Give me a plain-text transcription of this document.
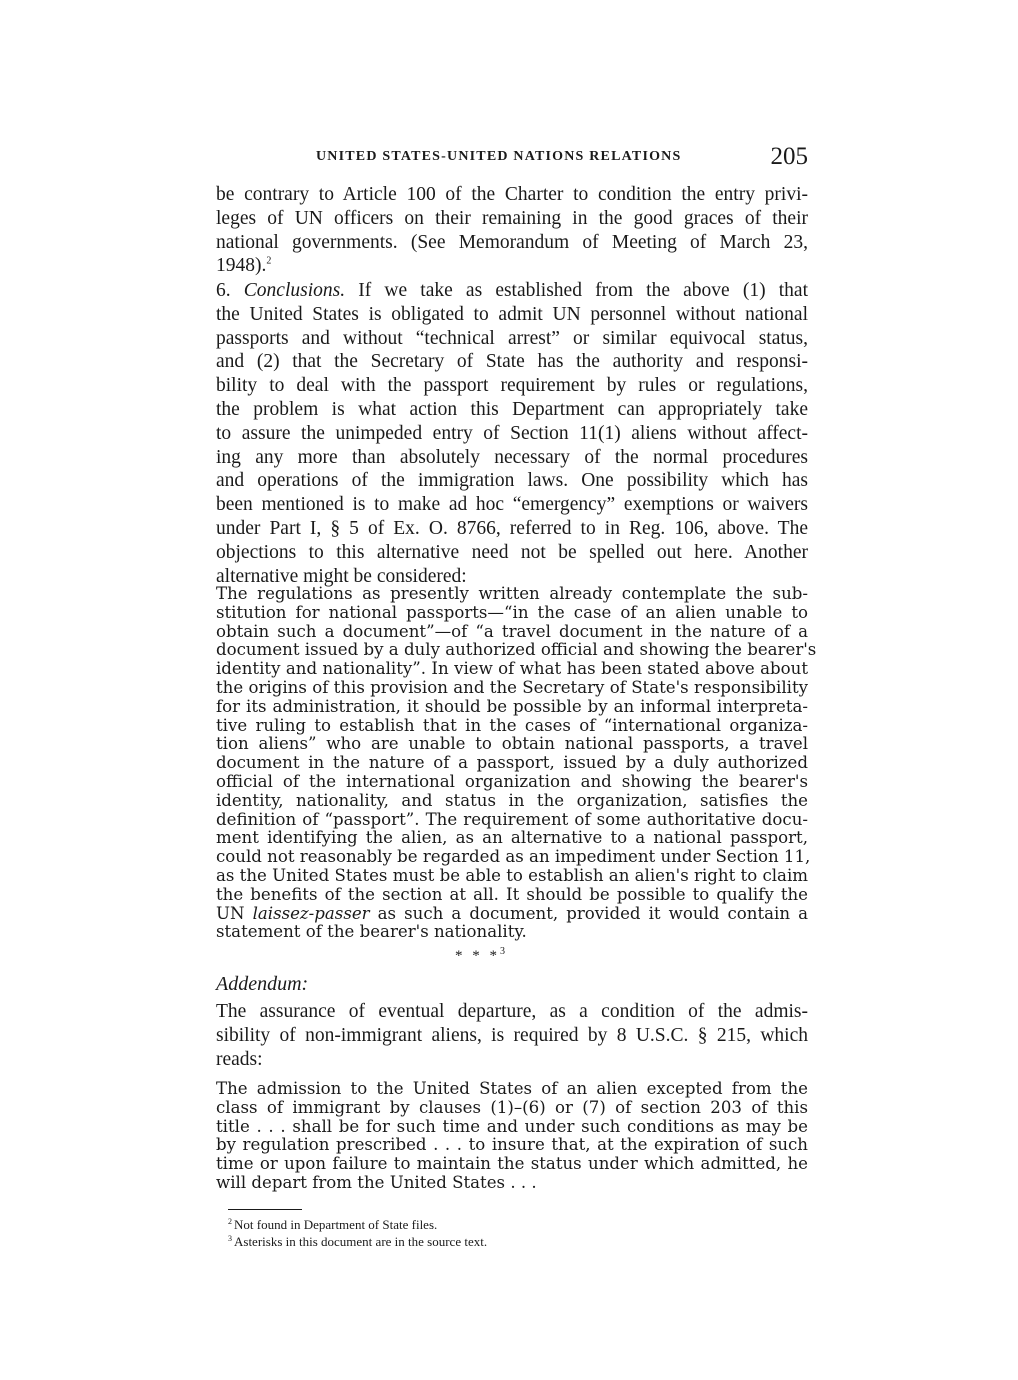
UNITED STATES-UNITED NATIONS RELATIONS	205
be contrary to Article 100 of the Charter to condition the entry privi-
leges of UN officers on their remaining in the good graces of their
national governments. (See Memorandum of Meeting of March 23,
1948).$^2$
6. Conclusions. If we take as established from the above (1) that
the United States is obligated to admit UN personnel without national
passports and without “technical arrest” or similar equivocal status,
and (2) that the Secretary of State has the authority and responsi-
bility to deal with the passport requirement by rules or regulations,
the problem is what action this Department can appropriately take
to assure the unimpeded entry of Section 11(1) aliens without affect-
ing any more than absolutely necessary of the normal procedures
and operations of the immigration laws. One possibility which has
been mentioned is to make ad hoc “emergency” exemptions or waivers
under Part I, § 5 of Ex. O. 8766, referred to in Reg. 106, above. The
objections to this alternative need not be spelled out here. Another
alternative might be considered:
The regulations as presently written already contemplate the sub-
stitution for national passports—“in the case of an alien unable to
obtain such a document”—of “a travel document in the nature of a
document issued by a duly authorized official and showing the bearer's
identity and nationality”. In view of what has been stated above about
the origins of this provision and the Secretary of State's responsibility
for its administration, it should be possible by an informal interpreta-
tive ruling to establish that in the cases of “international organiza-
tion aliens” who are unable to obtain national passports, a travel
document in the nature of a passport, issued by a duly authorized
official of the international organization and showing the bearer's
identity, nationality, and status in the organization, satisfies the
definition of “passport”. The requirement of some authoritative docu-
ment identifying the alien, as an alternative to a national passport,
could not reasonably be regarded as an impediment under Section 11,
as the United States must be able to establish an alien's right to claim
the benefits of the section at all. It should be possible to qualify the
UN laissez-passer as such a document, provided it would contain a
statement of the bearer's nationality.
* * *$^3$
Addendum:
The assurance of eventual departure, as a condition of the admis-
sibility of non-immigrant aliens, is required by 8 U.S.C. § 215, which
reads:
The admission to the United States of an alien excepted from the
class of immigrant by clauses (1)–(6) or (7) of section 203 of this
title . . . shall be for such time and under such conditions as may be
by regulation prescribed . . . to insure that, at the expiration of such
time or upon failure to maintain the status under which admitted, he
will depart from the United States . . .
$^2$ Not found in Department of State files.
$^3$ Asterisks in this document are in the source text.
